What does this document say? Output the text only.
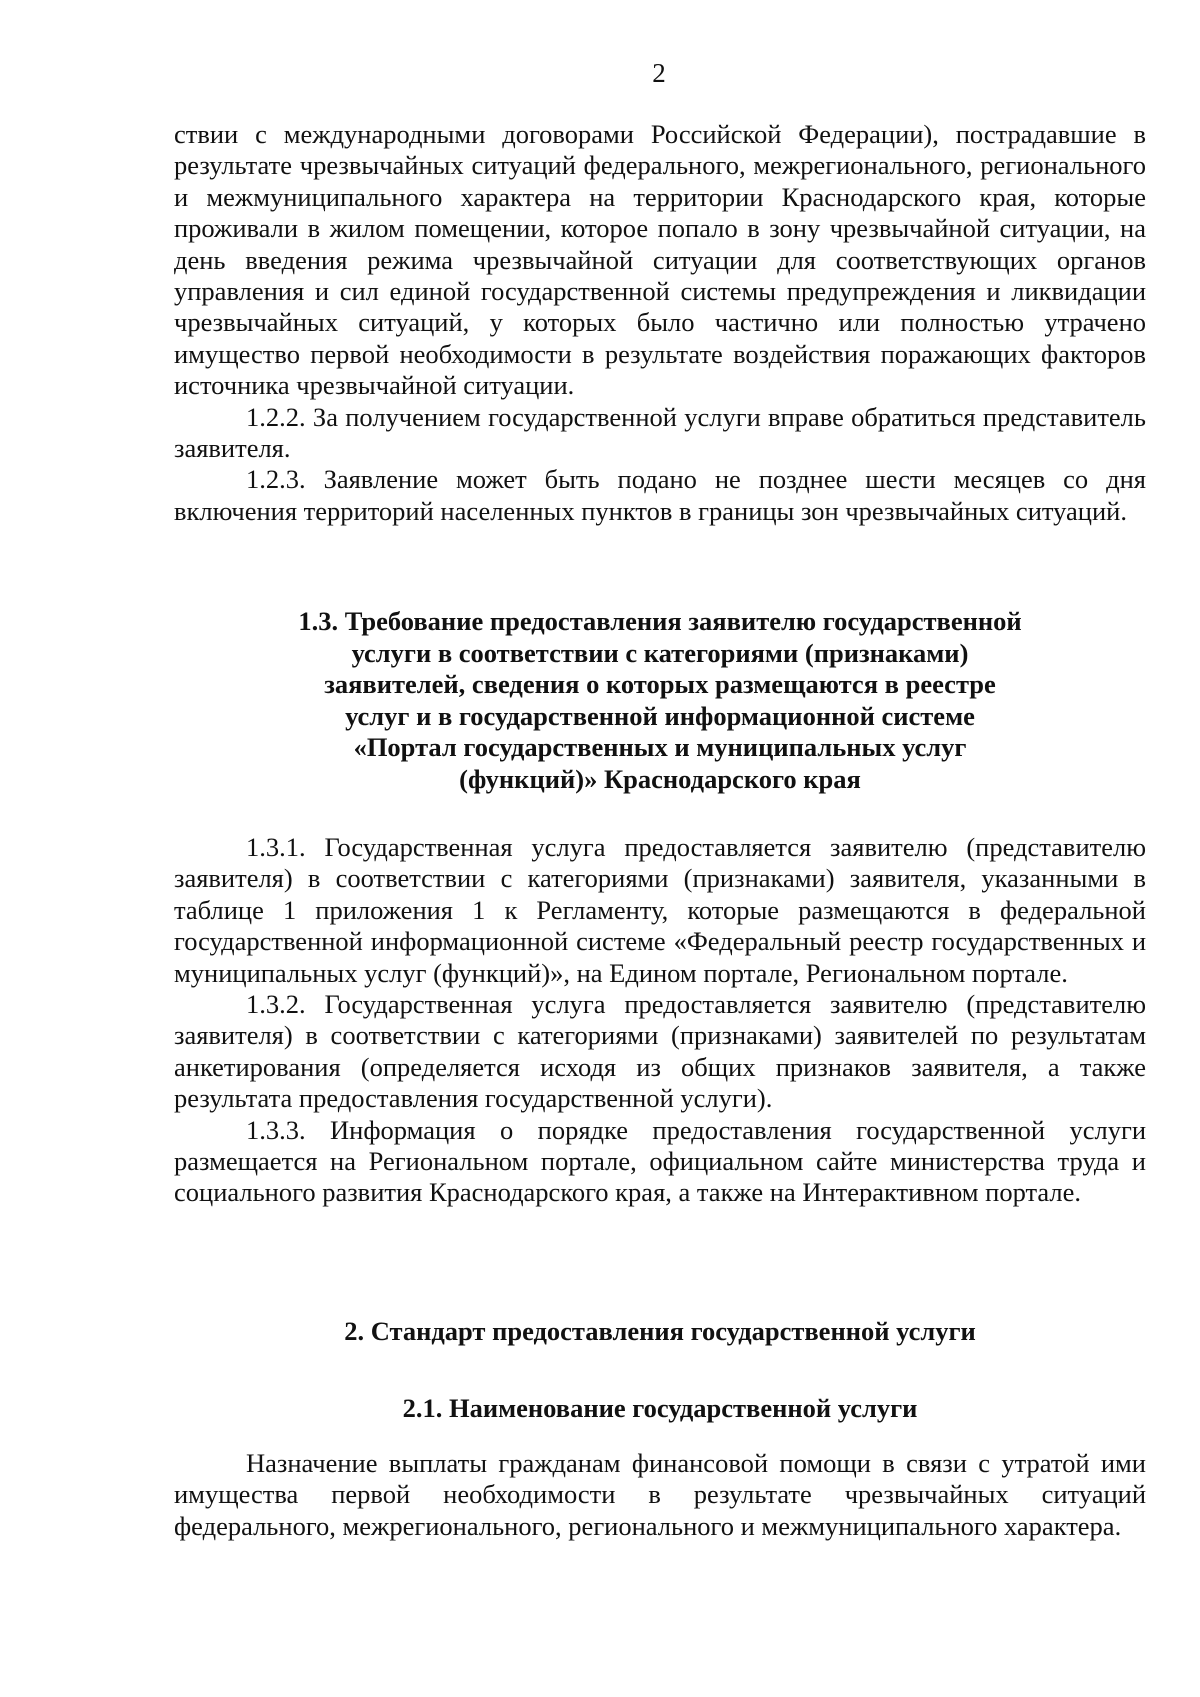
2

ствии с международными договорами Российской Федерации), пострадавшие в результате чрезвычайных ситуаций федерального, межрегионального, регионального и межмуниципального характера на территории Краснодарского края, которые проживали в жилом помещении, которое попало в зону чрезвычайной ситуации, на день введения режима чрезвычайной ситуации для соответствующих органов управления и сил единой государственной системы предупреждения и ликвидации чрезвычайных ситуаций, у которых было частично или полностью утрачено имущество первой необходимости в результате воздействия поражающих факторов источника чрезвычайной ситуации.

1.2.2. За получением государственной услуги вправе обратиться представитель заявителя.

1.2.3. Заявление может быть подано не позднее шести месяцев со дня включения территорий населенных пунктов в границы зон чрезвычайных ситуаций.

1.3. Требование предоставления заявителю государственной
услуги в соответствии с категориями (признаками)
заявителей, сведения о которых размещаются в реестре
услуг и в государственной информационной системе
«Портал государственных и муниципальных услуг
(функций)» Краснодарского края

1.3.1. Государственная услуга предоставляется заявителю (представителю заявителя) в соответствии с категориями (признаками) заявителя, указанными в таблице 1 приложения 1 к Регламенту, которые размещаются в федеральной государственной информационной системе «Федеральный реестр государственных и муниципальных услуг (функций)», на Едином портале, Региональном портале.

1.3.2. Государственная услуга предоставляется заявителю (представителю заявителя) в соответствии с категориями (признаками) заявителей по результатам анкетирования (определяется исходя из общих признаков заявителя, а также результата предоставления государственной услуги).

1.3.3. Информация о порядке предоставления государственной услуги размещается на Региональном портале, официальном сайте министерства труда и социального развития Краснодарского края, а также на Интерактивном портале.

2. Стандарт предоставления государственной услуги
2.1. Наименование государственной услуги

Назначение выплаты гражданам финансовой помощи в связи с утратой ими имущества первой необходимости в результате чрезвычайных ситуаций федерального, межрегионального, регионального и межмуниципального характера.
